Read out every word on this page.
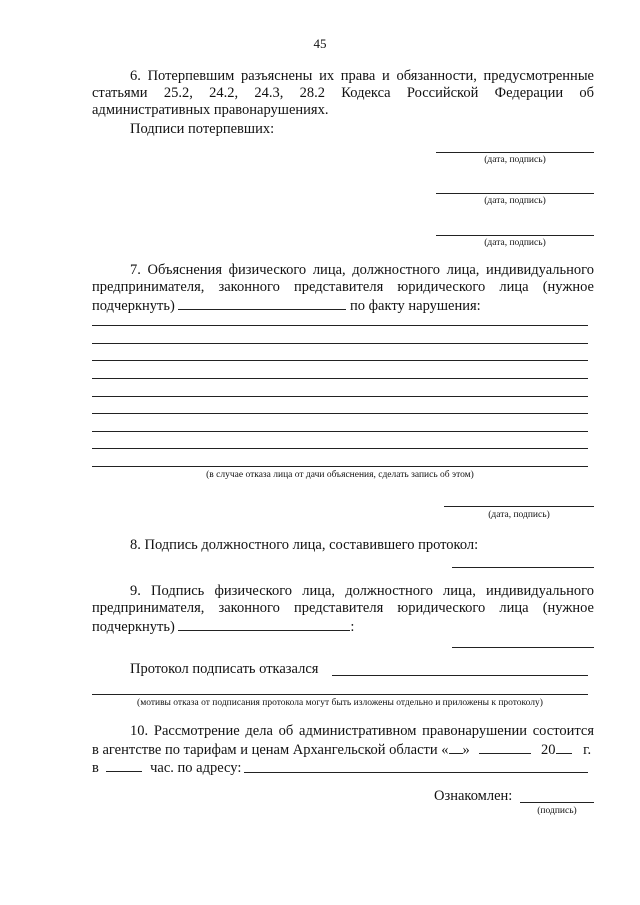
45
6. Потерпевшим разъяснены их права и обязанности, предусмотренные
статьями 25.2, 24.2, 24.3, 28.2 Кодекса Российской Федерации об
административных правонарушениях.
Подписи потерпевших:
(дата, подпись)
(дата, подпись)
(дата, подпись)
7. Объяснения физического лица, должностного лица, индивидуального
предпринимателя, законного представителя юридического лица (нужное
подчеркнуть)	по факту нарушения:
(в случае отказа лица от дачи объяснения, сделать запись об этом)
(дата, подпись)
8. Подпись должностного лица, составившего протокол:
9. Подпись физического лица, должностного лица, индивидуального
предпринимателя, законного представителя юридического лица (нужное
подчеркнуть)	:
Протокол подписать отказался
(мотивы отказа от подписания протокола могут быть изложены отдельно и приложены к протоколу)
10. Рассмотрение дела об административном правонарушении состоится
в агентстве по тарифам и ценам Архангельской области « »	20 г.
в	час. по адресу:
Ознакомлен:
(подпись)
